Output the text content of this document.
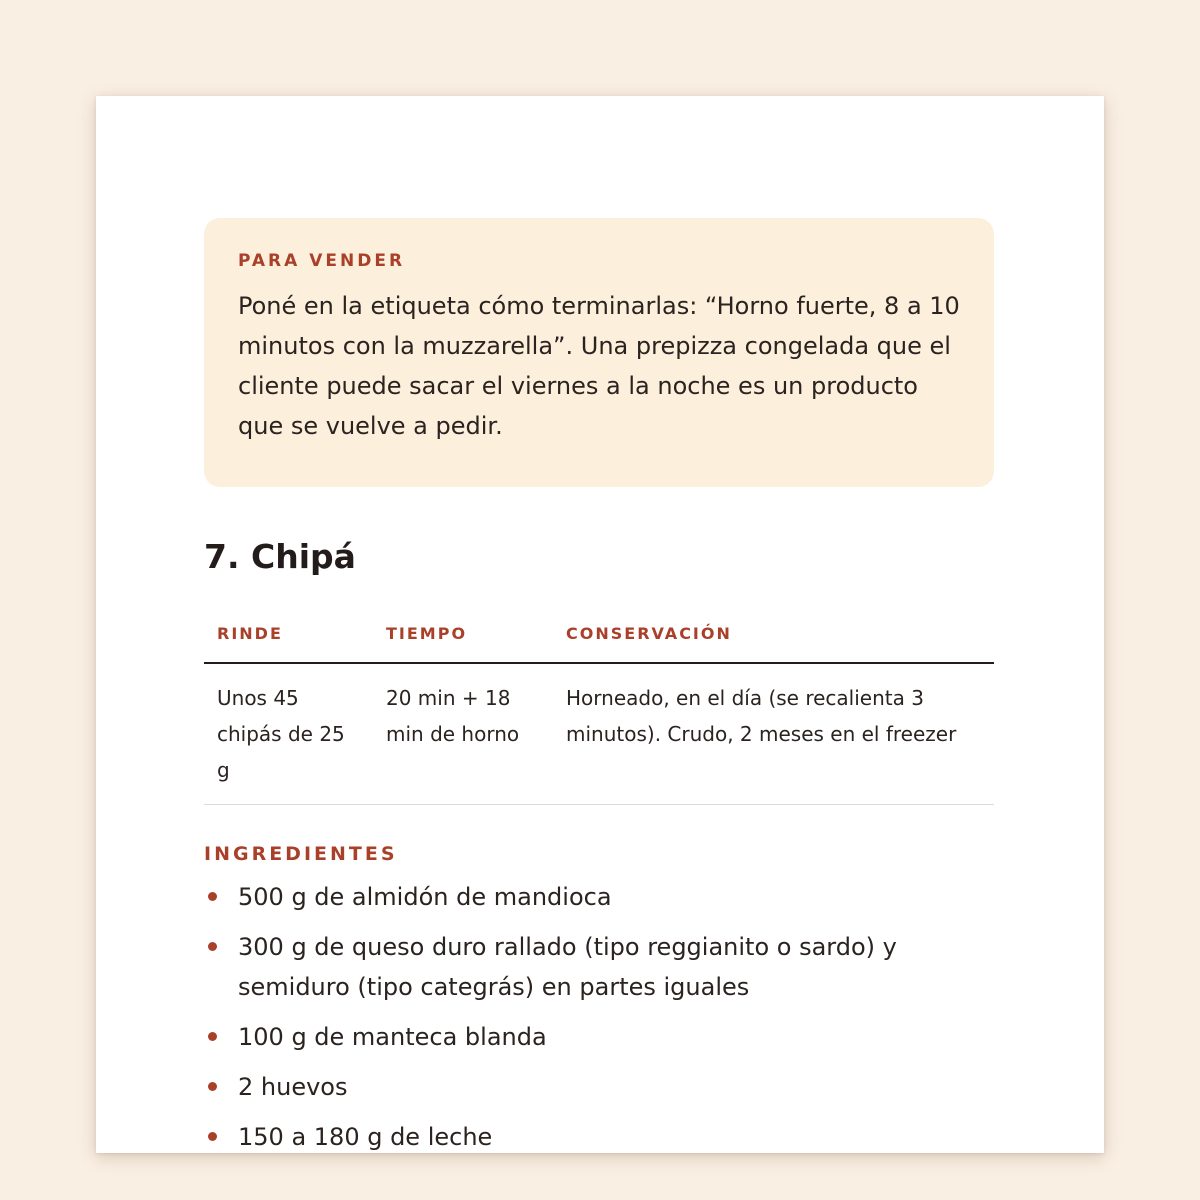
PARA VENDER

Poné en la etiqueta cómo terminarlas: “Horno fuerte, 8 a 10 minutos con la muzzarella”. Una prepizza congelada que el cliente puede sacar el viernes a la noche es un producto que se vuelve a pedir.

7. Chipá
RINDE	TIEMPO	CONSERVACIÓN
Unos 45 chipás de 25 g	20 min + 18 min de horno	Horneado, en el día (se recalienta 3 minutos). Crudo, 2 meses en el freezer
INGREDIENTES
500 g de almidón de mandioca
300 g de queso duro rallado (tipo reggianito o sardo) y semiduro (tipo categrás) en partes iguales
100 g de manteca blanda
2 huevos
150 a 180 g de leche
